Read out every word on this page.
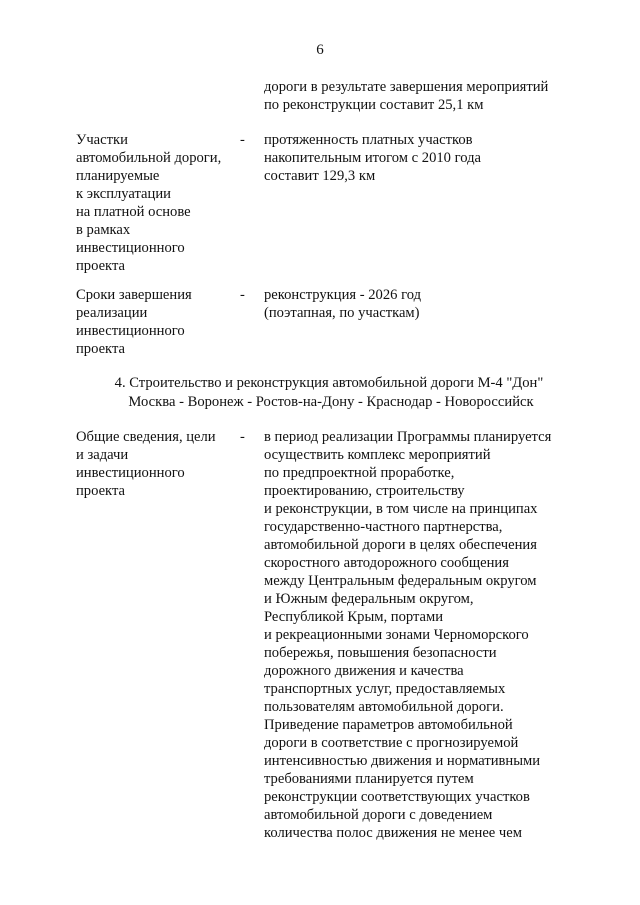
6
дороги в результате завершения мероприятий
по реконструкции составит 25,1 км
Участки
автомобильной дороги,
планируемые
к эксплуатации
на платной основе
в рамках
инвестиционного
проекта
- протяженность платных участков
накопительным итогом с 2010 года
составит 129,3 км
Сроки завершения
реализации
инвестиционного
проекта
- реконструкция - 2026 год
(поэтапная, по участкам)
4. Строительство и реконструкция автомобильной дороги М-4 "Дон"
Москва - Воронеж - Ростов-на-Дону - Краснодар - Новороссийск
Общие сведения, цели
и задачи
инвестиционного
проекта
- в период реализации Программы планируется
осуществить комплекс мероприятий
по предпроектной проработке,
проектированию, строительству
и реконструкции, в том числе на принципах
государственно-частного партнерства,
автомобильной дороги в целях обеспечения
скоростного автодорожного сообщения
между Центральным федеральным округом
и Южным федеральным округом,
Республикой Крым, портами
и рекреационными зонами Черноморского
побережья, повышения безопасности
дорожного движения и качества
транспортных услуг, предоставляемых
пользователям автомобильной дороги.
Приведение параметров автомобильной
дороги в соответствие с прогнозируемой
интенсивностью движения и нормативными
требованиями планируется путем
реконструкции соответствующих участков
автомобильной дороги с доведением
количества полос движения не менее чем
